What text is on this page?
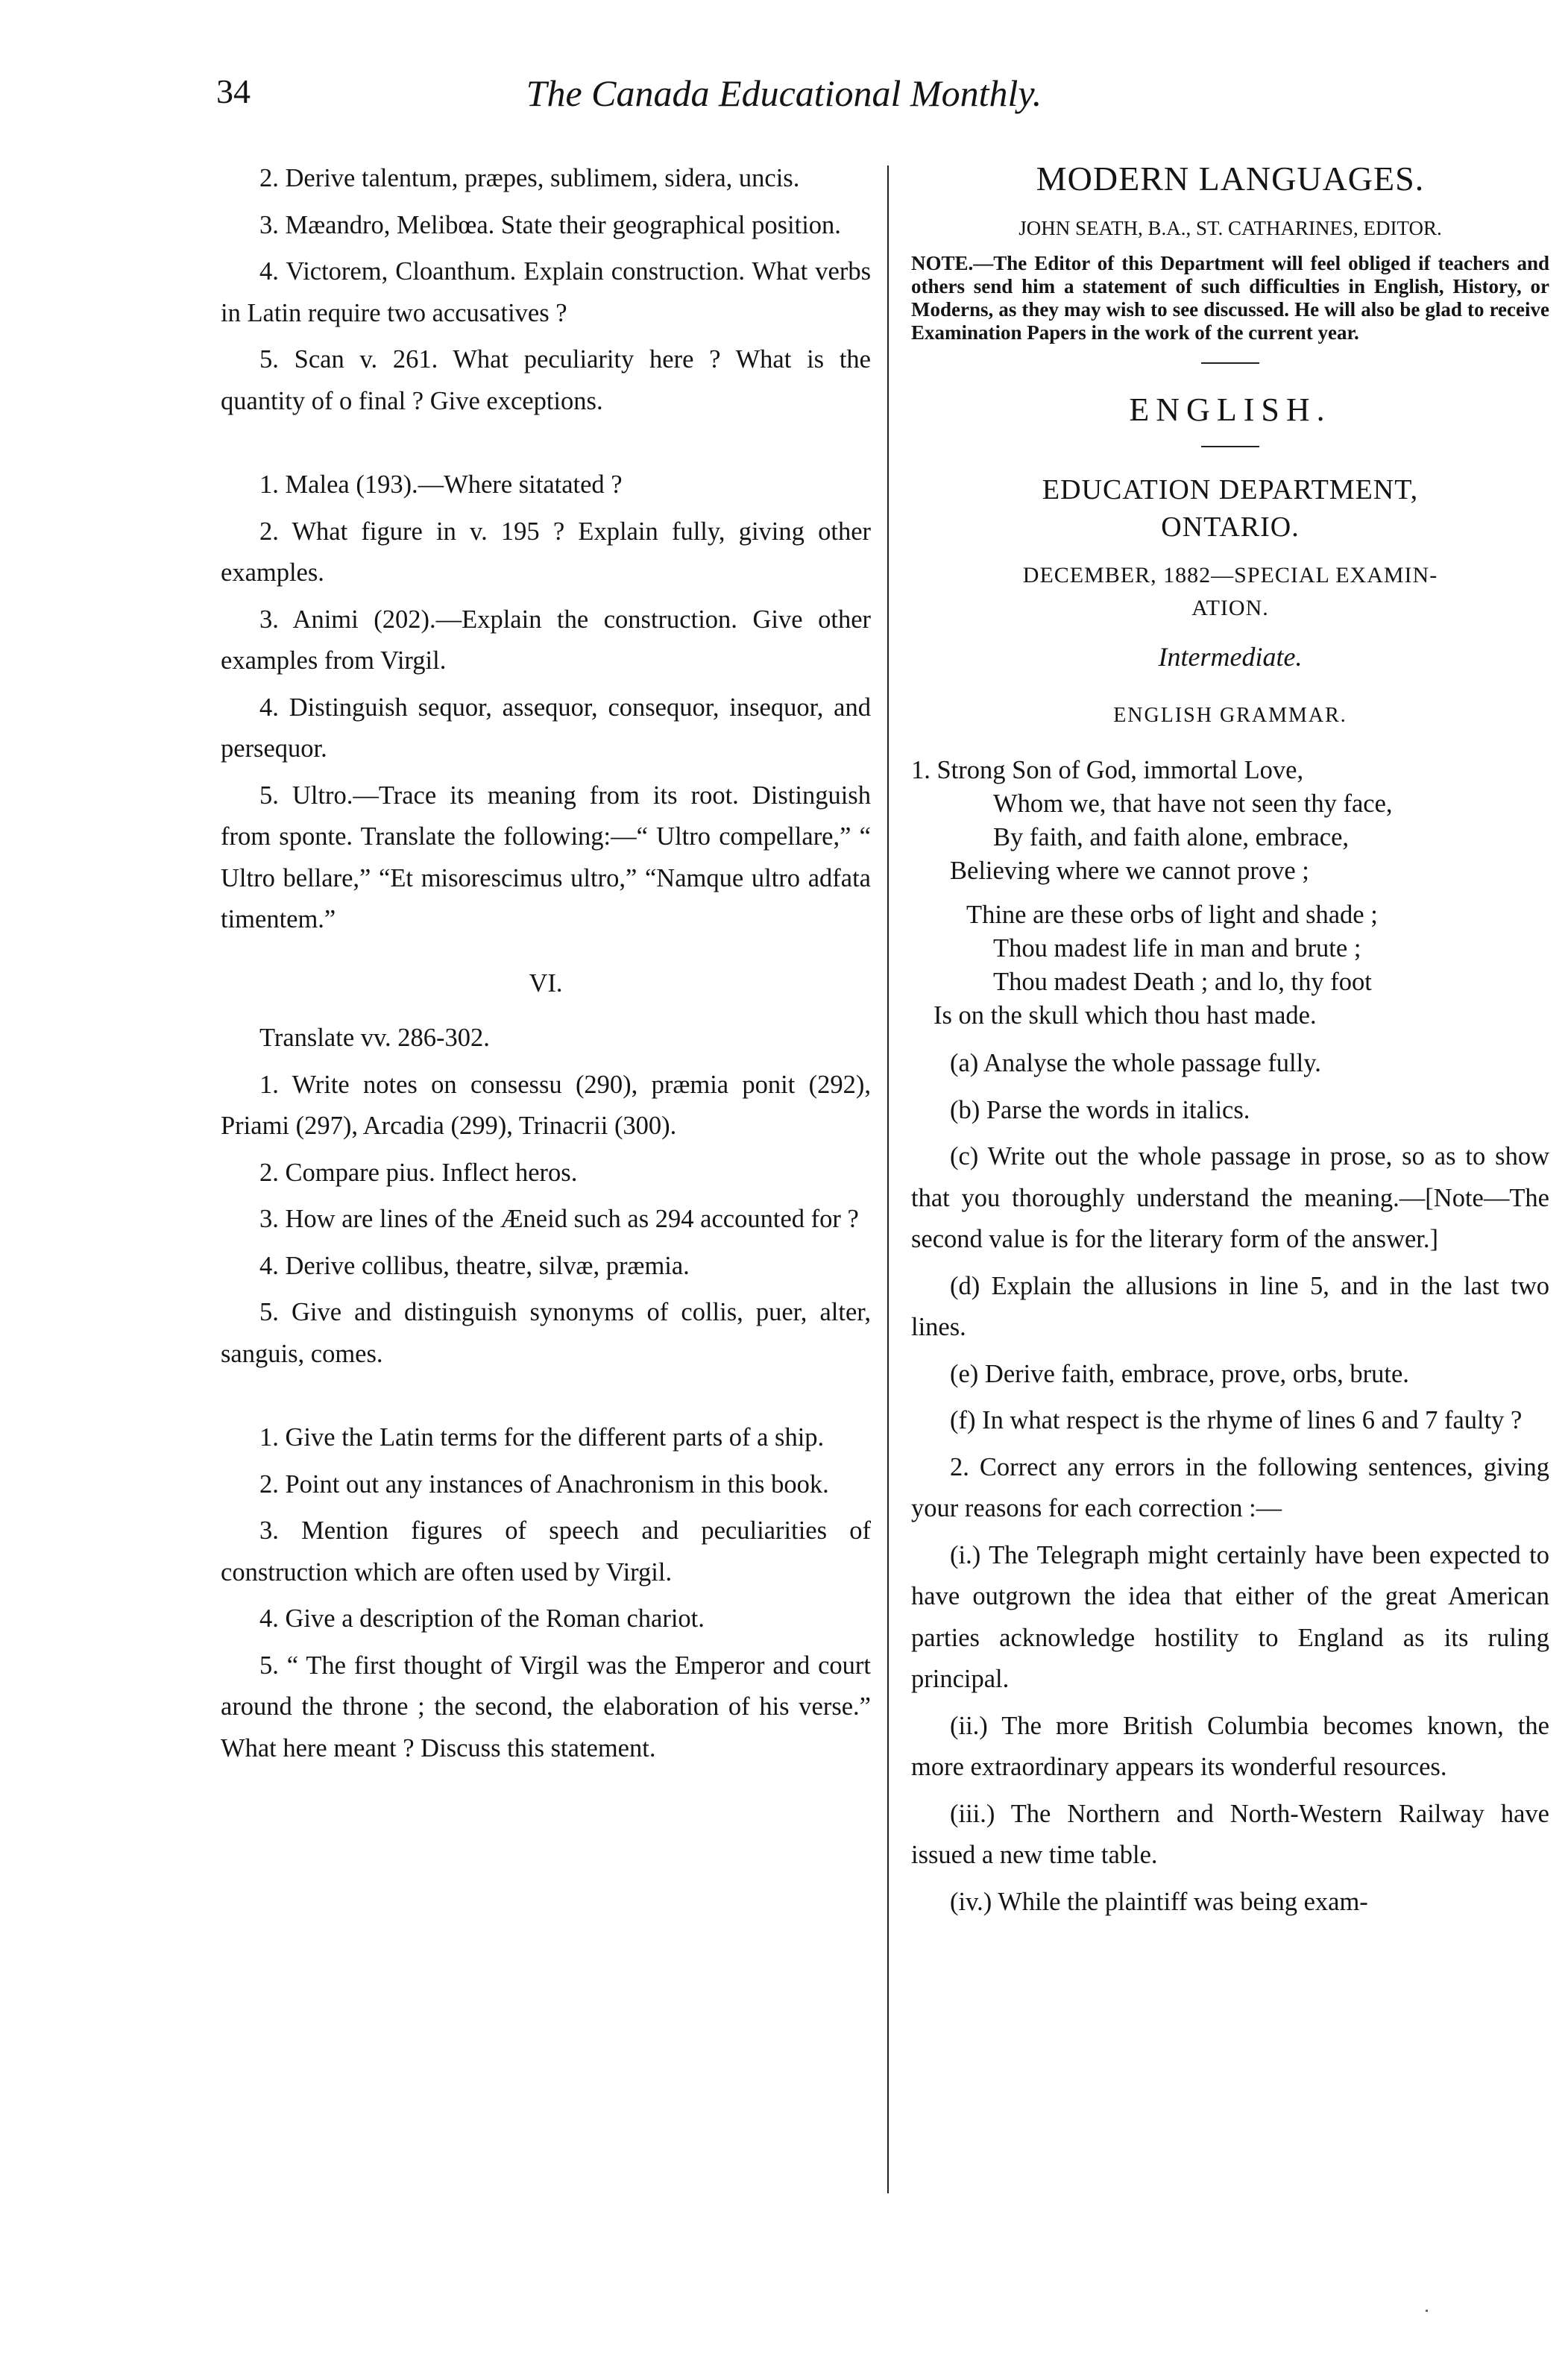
34	The Canada Educational Monthly.

2. Derive talentum, præpes, sublimem, sidera, uncis.

3. Mæandro, Melibœa. State their geographical position.

4. Victorem, Cloanthum. Explain construction. What verbs in Latin require two accusatives ?

5. Scan v. 261. What peculiarity here ? What is the quantity of o final ? Give exceptions.

1. Malea (193).—Where sitatated ?

2. What figure in v. 195 ? Explain fully, giving other examples.

3. Animi (202).—Explain the construction. Give other examples from Virgil.

4. Distinguish sequor, assequor, consequor, insequor, and persequor.

5. Ultro.—Trace its meaning from its root. Distinguish from sponte. Translate the following:—“ Ultro compellare,” “ Ultro bellare,” “Et misorescimus ultro,” “Namque ultro adfata timentem.”

VI.

Translate vv. 286-302.

1. Write notes on consessu (290), præmia ponit (292), Priami (297), Arcadia (299), Trinacrii (300).

2. Compare pius. Inflect heros.

3. How are lines of the Æneid such as 294 accounted for ?

4. Derive collibus, theatre, silvæ, præmia.

5. Give and distinguish synonyms of collis, puer, alter, sanguis, comes.

1. Give the Latin terms for the different parts of a ship.

2. Point out any instances of Anachronism in this book.

3. Mention figures of speech and peculiarities of construction which are often used by Virgil.

4. Give a description of the Roman chariot.

5. “ The first thought of Virgil was the Emperor and court around the throne ; the second, the elaboration of his verse.” What here meant ? Discuss this statement.

MODERN LANGUAGES.

JOHN SEATH, B.A., ST. CATHARINES, EDITOR.

NOTE.—The Editor of this Department will feel obliged if teachers and others send him a statement of such difficulties in English, History, or Moderns, as they may wish to see discussed. He will also be glad to receive Examination Papers in the work of the current year.

ENGLISH.

EDUCATION DEPARTMENT,

ONTARIO.

DECEMBER, 1882—SPECIAL EXAMIN-
ATION.

Intermediate.

ENGLISH GRAMMAR.

1. Strong Son of God, immortal Love,

Whom we, that have not seen thy face,

By faith, and faith alone, embrace,

Believing where we cannot prove ;

Thine are these orbs of light and shade ;

Thou madest life in man and brute ;

Thou madest Death ; and lo, thy foot

Is on the skull which thou hast made.

(a) Analyse the whole passage fully.

(b) Parse the words in italics.

(c) Write out the whole passage in prose, so as to show that you thoroughly understand the meaning.—[Note—The second value is for the literary form of the answer.]

(d) Explain the allusions in line 5, and in the last two lines.

(e) Derive faith, embrace, prove, orbs, brute.

(f) In what respect is the rhyme of lines 6 and 7 faulty ?

2. Correct any errors in the following sentences, giving your reasons for each correction :—

(i.) The Telegraph might certainly have been expected to have outgrown the idea that either of the great American parties acknowledge hostility to England as its ruling principal.

(ii.) The more British Columbia becomes known, the more extraordinary appears its wonderful resources.

(iii.) The Northern and North-Western Railway have issued a new time table.

(iv.) While the plaintiff was being exam-
